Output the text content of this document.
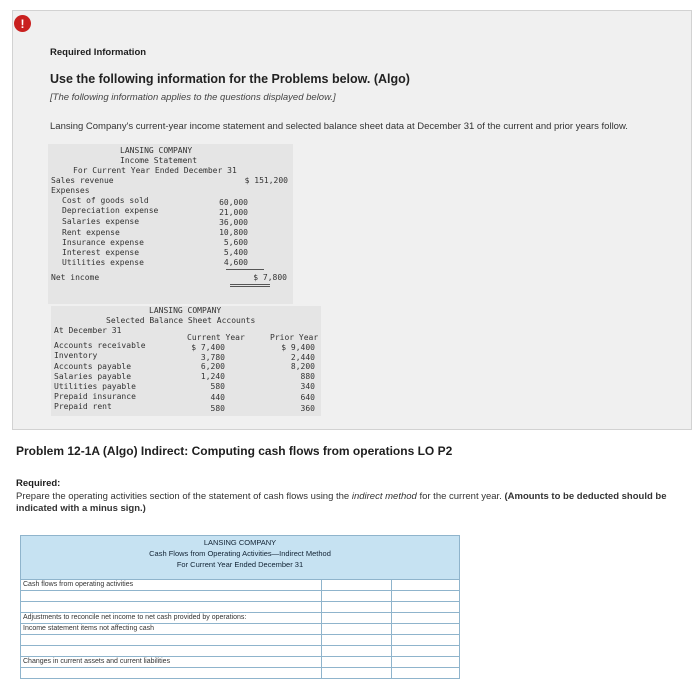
!
Required Information
Use the following information for the Problems below. (Algo)
[The following information applies to the questions displayed below.]
Lansing Company's current-year income statement and selected balance sheet data at December 31 of the current and prior years follow.
LANSING COMPANY
Income Statement
For Current Year Ended December 31
Sales revenue	$ 151,200
Expenses
Cost of goods sold	60,000
Depreciation expense	21,000
Salaries expense	36,000
Rent expense	10,800
Insurance expense	5,600
Interest expense	5,400
Utilities expense	4,600
Net income	$ 7,800
LANSING COMPANY
Selected Balance Sheet Accounts
At December 31
Current Year	Prior Year
Accounts receivable	$ 7,400	$ 9,400
Inventory	3,780	2,440
Accounts payable	6,200	8,200
Salaries payable	1,240	880
Utilities payable	580	340
Prepaid insurance	440	640
Prepaid rent	580	360
Problem 12-1A (Algo) Indirect: Computing cash flows from operations LO P2
Required:
Prepare the operating activities section of the statement of cash flows using the indirect method for the current year. (Amounts to be deducted should be indicated with a minus sign.)
LANSING COMPANY
Cash Flows from Operating Activities—Indirect Method
For Current Year Ended December 31
Cash flows from operating activities
Adjustments to reconcile net income to net cash provided by operations:
Income statement items not affecting cash
Changes in current assets and current liabilities
